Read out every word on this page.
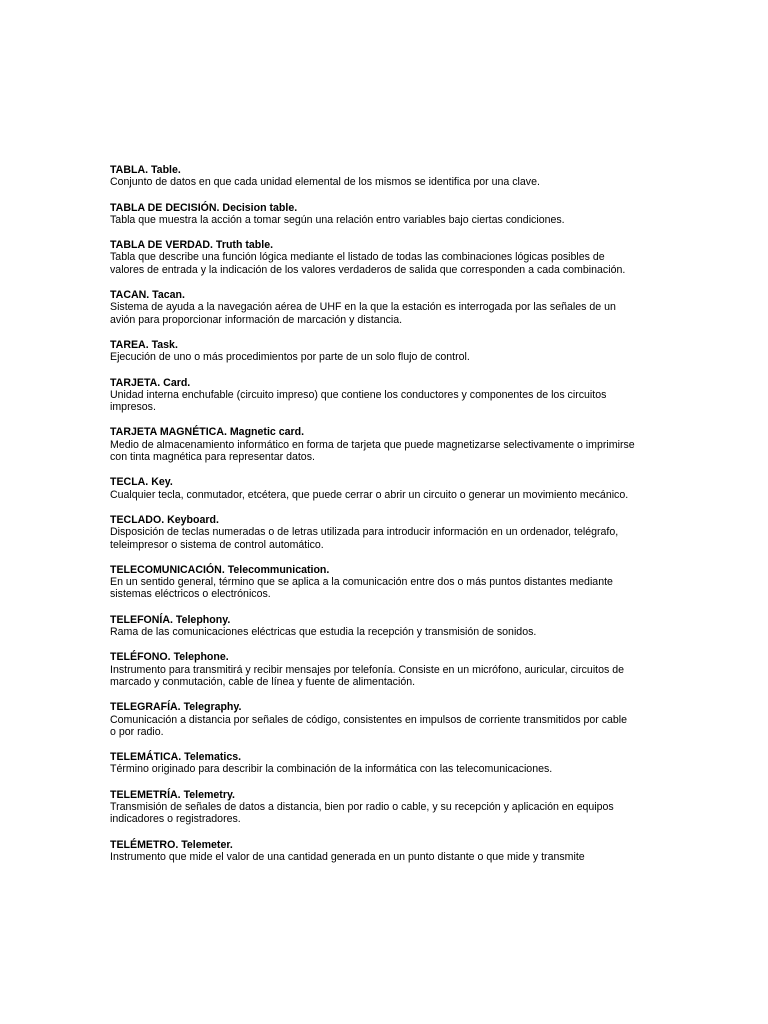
TABLA. Table.

Conjunto de datos en que cada unidad elemental de los mismos se identifica por una clave.

TABLA DE DECISIÓN. Decision table.

Tabla que muestra la acción a tomar según una relación entro variables bajo ciertas condiciones.

TABLA DE VERDAD. Truth table.

Tabla que describe una función lógica mediante el listado de todas las combinaciones lógicas posibles de valores de entrada y la indicación de los valores verdaderos de salida que corresponden a cada combinación.

TACAN. Tacan.

Sistema de ayuda a la navegación aérea de UHF en la que la estación es interrogada por las señales de un avión para proporcionar información de marcación y distancia.

TAREA. Task.

Ejecución de uno o más procedimientos por parte de un solo flujo de control.

TARJETA. Card.

Unidad interna enchufable (circuito impreso) que contiene los conductores y componentes de los circuitos impresos.

TARJETA MAGNÉTICA. Magnetic card.

Medio de almacenamiento informático en forma de tarjeta que puede magnetizarse selectivamente o imprimirse con tinta magnética para representar datos.

TECLA. Key.

Cualquier tecla, conmutador, etcétera, que puede cerrar o abrir un circuito o generar un movimiento mecánico.

TECLADO. Keyboard.

Disposición de teclas numeradas o de letras utilizada para introducir información en un ordenador, telégrafo, teleimpresor o sistema de control automático.

TELECOMUNICACIÓN. Telecommunication.

En un sentido general, término que se aplica a la comunicación entre dos o más puntos distantes mediante sistemas eléctricos o electrónicos.

TELEFONÍA. Telephony.

Rama de las comunicaciones eléctricas que estudia la recepción y transmisión de sonidos.

TELÉFONO. Telephone.

Instrumento para transmitirá y recibir mensajes por telefonía. Consiste en un micrófono, auricular, circuitos de marcado y conmutación, cable de línea y fuente de alimentación.

TELEGRAFÍA. Telegraphy.

Comunicación a distancia por señales de código, consistentes en impulsos de corriente transmitidos por cable o por radio.

TELEMÁTICA. Telematics.

Término originado para describir la combinación de la informática con las telecomunicaciones.

TELEMETRÍA. Telemetry.

Transmisión de señales de datos a distancia, bien por radio o cable, y su recepción y aplicación en equipos indicadores o registradores.

TELÉMETRO. Telemeter.

Instrumento que mide el valor de una cantidad generada en un punto distante o que mide y transmite
